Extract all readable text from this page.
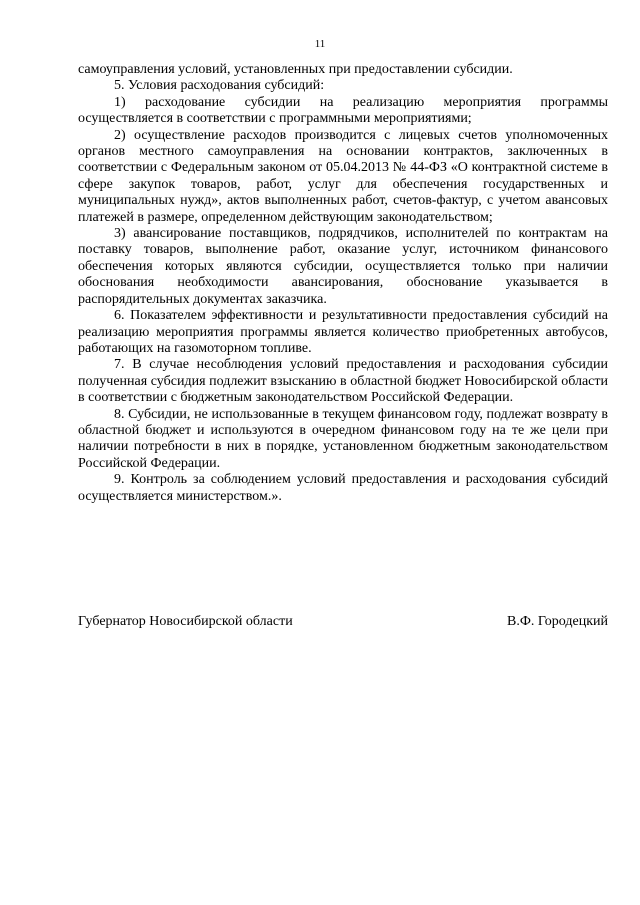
11

самоуправления условий, установленных при предоставлении субсидии.

5. Условия расходования субсидий:

1) расходование субсидии на реализацию мероприятия программы осуществляется в соответствии с программными мероприятиями;

2) осуществление расходов производится с лицевых счетов уполномоченных органов местного самоуправления на основании контрактов, заключенных в соответствии с Федеральным законом от 05.04.2013 № 44-ФЗ «О контрактной системе в сфере закупок товаров, работ, услуг для обеспечения государственных и муниципальных нужд», актов выполненных работ, счетов-фактур, с учетом авансовых платежей в размере, определенном действующим законодательством;

3) авансирование поставщиков, подрядчиков, исполнителей по контрактам на поставку товаров, выполнение работ, оказание услуг, источником финансового обеспечения которых являются субсидии, осуществляется только при наличии обоснования необходимости авансирования, обоснование указывается в распорядительных документах заказчика.

6. Показателем эффективности и результативности предоставления субсидий на реализацию мероприятия программы является количество приобретенных автобусов, работающих на газомоторном топливе.

7. В случае несоблюдения условий предоставления и расходования субсидии полученная субсидия подлежит взысканию в областной бюджет Новосибирской области в соответствии с бюджетным законодательством Российской Федерации.

8. Субсидии, не использованные в текущем финансовом году, подлежат возврату в областной бюджет и используются в очередном финансовом году на те же цели при наличии потребности в них в порядке, установленном бюджетным законодательством Российской Федерации.

9. Контроль за соблюдением условий предоставления и расходования субсидий осуществляется министерством.».

Губернатор Новосибирской области	В.Ф. Городецкий
